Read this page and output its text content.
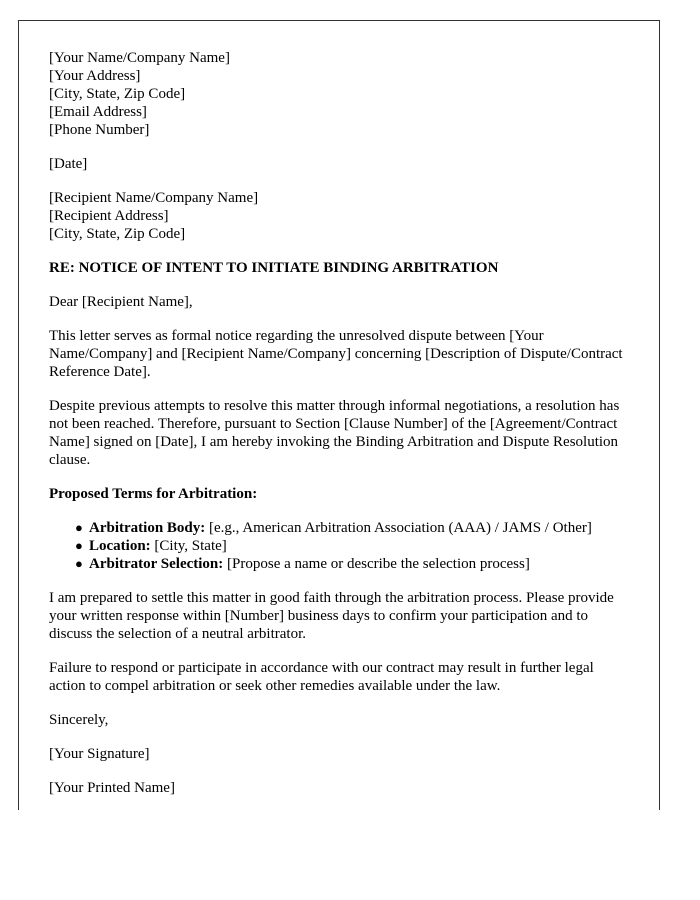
[Your Name/Company Name]
[Your Address]
[City, State, Zip Code]
[Email Address]
[Phone Number]
[Date]
[Recipient Name/Company Name]
[Recipient Address]
[City, State, Zip Code]
RE: NOTICE OF INTENT TO INITIATE BINDING ARBITRATION
Dear [Recipient Name],
This letter serves as formal notice regarding the unresolved dispute between [Your Name/Company] and [Recipient Name/Company] concerning [Description of Dispute/Contract Reference Date].
Despite previous attempts to resolve this matter through informal negotiations, a resolution has not been reached. Therefore, pursuant to Section [Clause Number] of the [Agreement/Contract Name] signed on [Date], I am hereby invoking the Binding Arbitration and Dispute Resolution clause.
Proposed Terms for Arbitration:
● Arbitration Body: [e.g., American Arbitration Association (AAA) / JAMS / Other]
● Location: [City, State]
● Arbitrator Selection: [Propose a name or describe the selection process]
I am prepared to settle this matter in good faith through the arbitration process. Please provide your written response within [Number] business days to confirm your participation and to discuss the selection of a neutral arbitrator.
Failure to respond or participate in accordance with our contract may result in further legal action to compel arbitration or seek other remedies available under the law.
Sincerely,
[Your Signature]
[Your Printed Name]
